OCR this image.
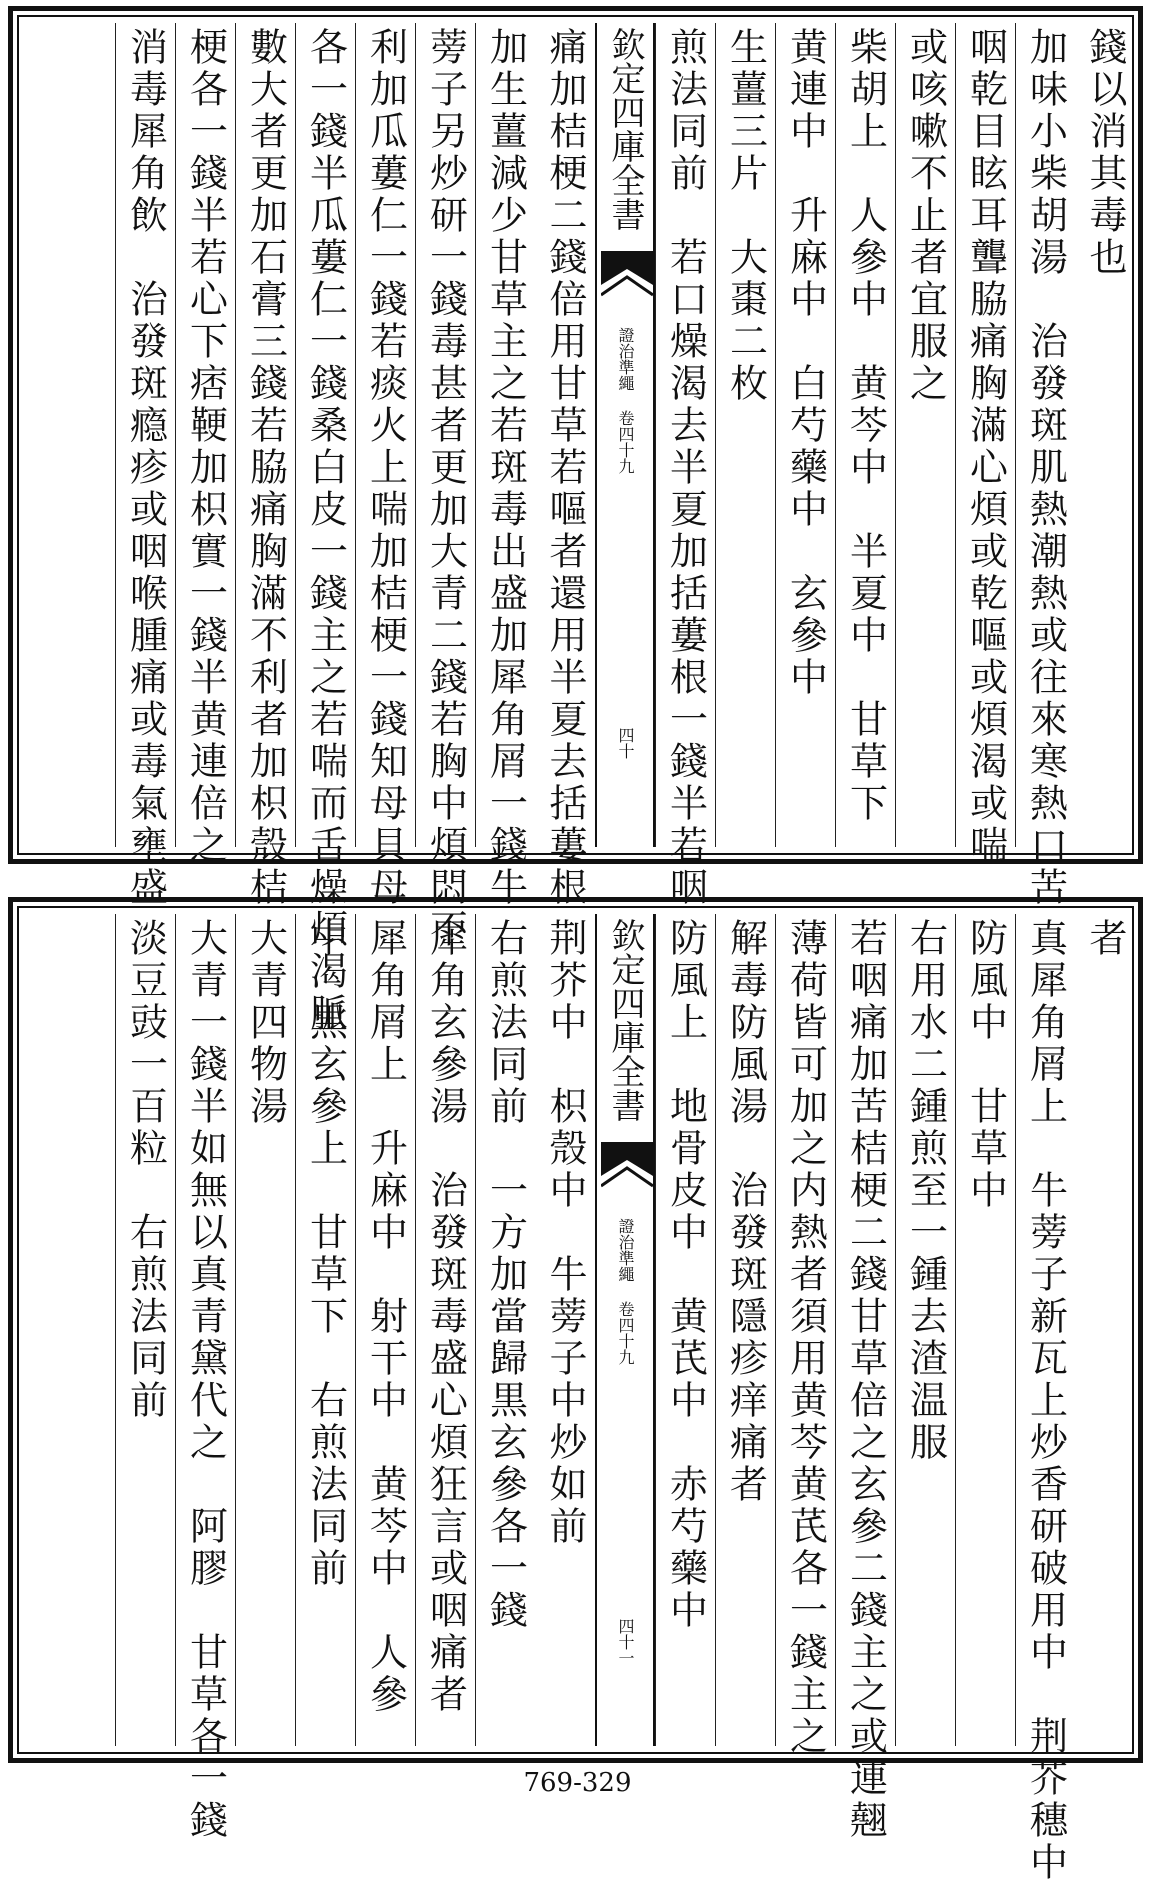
錢以消其毒也
加味小柴胡湯　治發斑肌熱潮熱或往來寒熱口苦
咽乾目眩耳聾脇痛胸滿心煩或乾嘔或煩渴或喘
或咳嗽不止者宜服之
柴胡上　人參中　黄芩中　半夏中　甘草下
黄連中　升麻中　白芍藥中　玄參中
生薑三片　大棗二枚
煎法同前　若口燥渴去半夏加括蔞根一錢半若咽
欽定四庫全書
證治準繩 卷四十九
四十
痛加桔梗二錢倍用甘草若嘔者還用半夏去括蔞根
加生薑減少甘草主之若斑毒出盛加犀角屑一錢牛
蒡子另炒研一錢毒甚者更加大青二錢若胸中煩悶不
利加瓜蔞仁一錢若痰火上喘加桔梗一錢知母貝母
各一錢半瓜蔞仁一錢桑白皮一錢主之若喘而舌燥煩渴脈
數大者更加石膏三錢若脇痛胸滿不利者加枳殼桔
梗各一錢半若心下痞鞕加枳實一錢半黄連倍之
消毒犀角飲　治發斑瘾疹或咽喉腫痛或毒氣壅盛
者
真犀角屑上　牛蒡子新瓦上炒香研破用中　荆芥穗中
防風中　甘草中
右用水二鍾煎至一鍾去渣温服
若咽痛加苦桔梗二錢甘草倍之玄參二錢主之或連翹
薄荷皆可加之内熱者須用黄芩黄芪各一錢主之
解毒防風湯　治發斑隱疹痒痛者
防風上　地骨皮中　黄芪中　赤芍藥中
欽定四庫全書
證治準繩 卷四十九
四十一
荆芥中　枳殼中　牛蒡子中炒如前
右煎法同前　一方加當歸黒玄參各一錢
犀角玄參湯　治發斑毒盛心煩狂言或咽痛者
犀角屑上　升麻中　射干中　黄芩中　人參
中　黒玄參上　甘草下　右煎法同前
大青四物湯
大青一錢半如無以真青黛代之　阿膠　甘草各一錢
淡豆豉一百粒　右煎法同前
769-329
